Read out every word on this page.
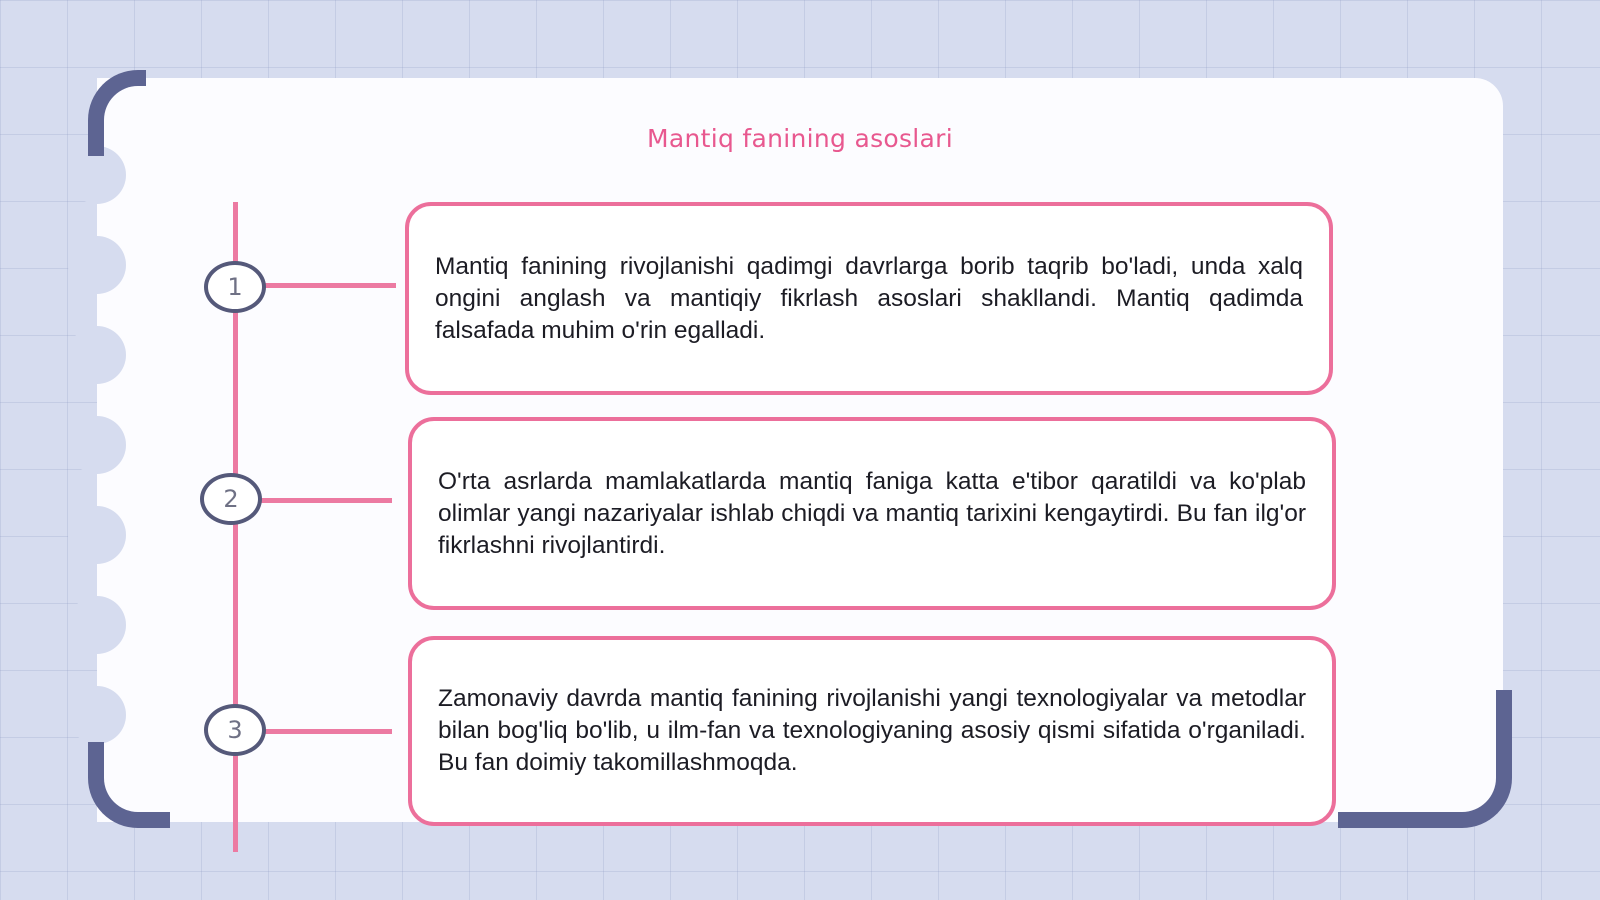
Mantiq fanining asoslari
1
2
3

Mantiq fanining rivojlanishi qadimgi davrlarga borib taqrib bo'ladi, unda xalq ongini anglash va mantiqiy fikrlash asoslari shakllandi. Mantiq qadimda falsafada muhim o'rin egalladi.

O'rta asrlarda mamlakatlarda mantiq faniga katta e'tibor qaratildi va ko'plab olimlar yangi nazariyalar ishlab chiqdi va mantiq tarixini kengaytirdi. Bu fan ilg'or fikrlashni rivojlantirdi.

Zamonaviy davrda mantiq fanining rivojlanishi yangi texnologiyalar va metodlar bilan bog'liq bo'lib, u ilm-fan va texnologiyaning asosiy qismi sifatida o'rganiladi. Bu fan doimiy takomillashmoqda.
